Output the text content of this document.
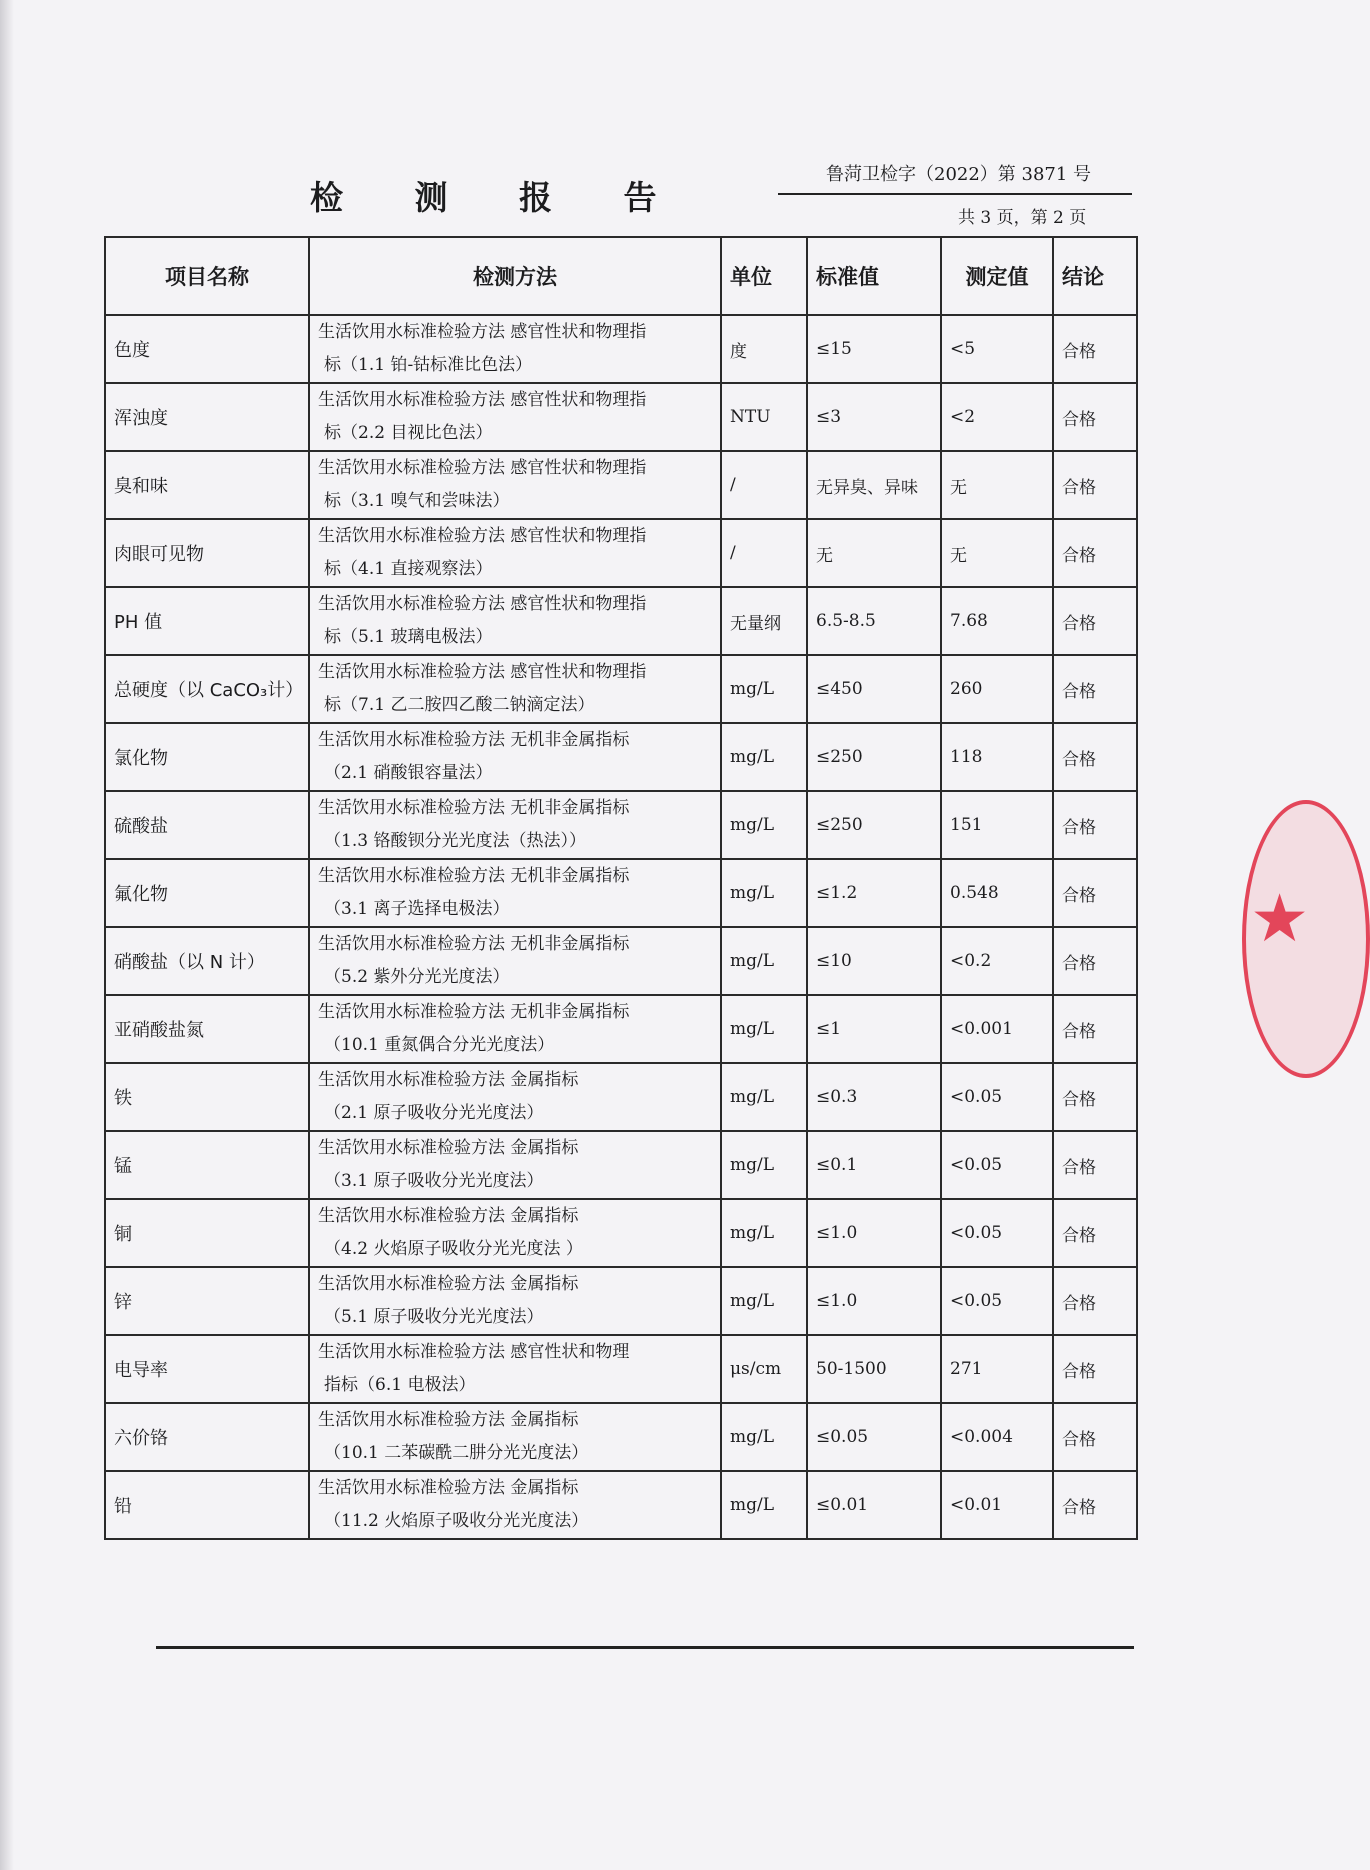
检 测 报 告
鲁菏卫检字（2022）第 3871 号
共 3 页，第 2 页
项目名称	检测方法	单位	标准值	测定值	结论
色度	生活饮用水标准检验方法 感官性状和物理指
标（1.1 铂-钴标准比色法）	度	≤15	<5	合格
浑浊度	生活饮用水标准检验方法 感官性状和物理指
标（2.2 目视比色法）	NTU	≤3	<2	合格
臭和味	生活饮用水标准检验方法 感官性状和物理指
标（3.1 嗅气和尝味法）	/	无异臭、异味	无	合格
肉眼可见物	生活饮用水标准检验方法 感官性状和物理指
标（4.1 直接观察法）	/	无	无	合格
PH 值	生活饮用水标准检验方法 感官性状和物理指
标（5.1 玻璃电极法）	无量纲	6.5-8.5	7.68	合格
总硬度（以 CaCO₃计）	生活饮用水标准检验方法 感官性状和物理指
标（7.1 乙二胺四乙酸二钠滴定法）	mg/L	≤450	260	合格
氯化物	生活饮用水标准检验方法 无机非金属指标
（2.1 硝酸银容量法）	mg/L	≤250	118	合格
硫酸盐	生活饮用水标准检验方法 无机非金属指标
（1.3 铬酸钡分光光度法（热法））	mg/L	≤250	151	合格
氟化物	生活饮用水标准检验方法 无机非金属指标
（3.1 离子选择电极法）	mg/L	≤1.2	0.548	合格
硝酸盐（以 N 计）	生活饮用水标准检验方法 无机非金属指标
（5.2 紫外分光光度法）	mg/L	≤10	<0.2	合格
亚硝酸盐氮	生活饮用水标准检验方法 无机非金属指标
（10.1 重氮偶合分光光度法）	mg/L	≤1	<0.001	合格
铁	生活饮用水标准检验方法 金属指标
（2.1 原子吸收分光光度法）	mg/L	≤0.3	<0.05	合格
锰	生活饮用水标准检验方法 金属指标
（3.1 原子吸收分光光度法）	mg/L	≤0.1	<0.05	合格
铜	生活饮用水标准检验方法 金属指标
（4.2 火焰原子吸收分光光度法 ）	mg/L	≤1.0	<0.05	合格
锌	生活饮用水标准检验方法 金属指标
（5.1 原子吸收分光光度法）	mg/L	≤1.0	<0.05	合格
电导率	生活饮用水标准检验方法 感官性状和物理
指标（6.1 电极法）	μs/cm	50-1500	271	合格
六价铬	生活饮用水标准检验方法 金属指标
（10.1 二苯碳酰二肼分光光度法）	mg/L	≤0.05	<0.004	合格
铅	生活饮用水标准检验方法 金属指标
（11.2 火焰原子吸收分光光度法）	mg/L	≤0.01	<0.01	合格
★
